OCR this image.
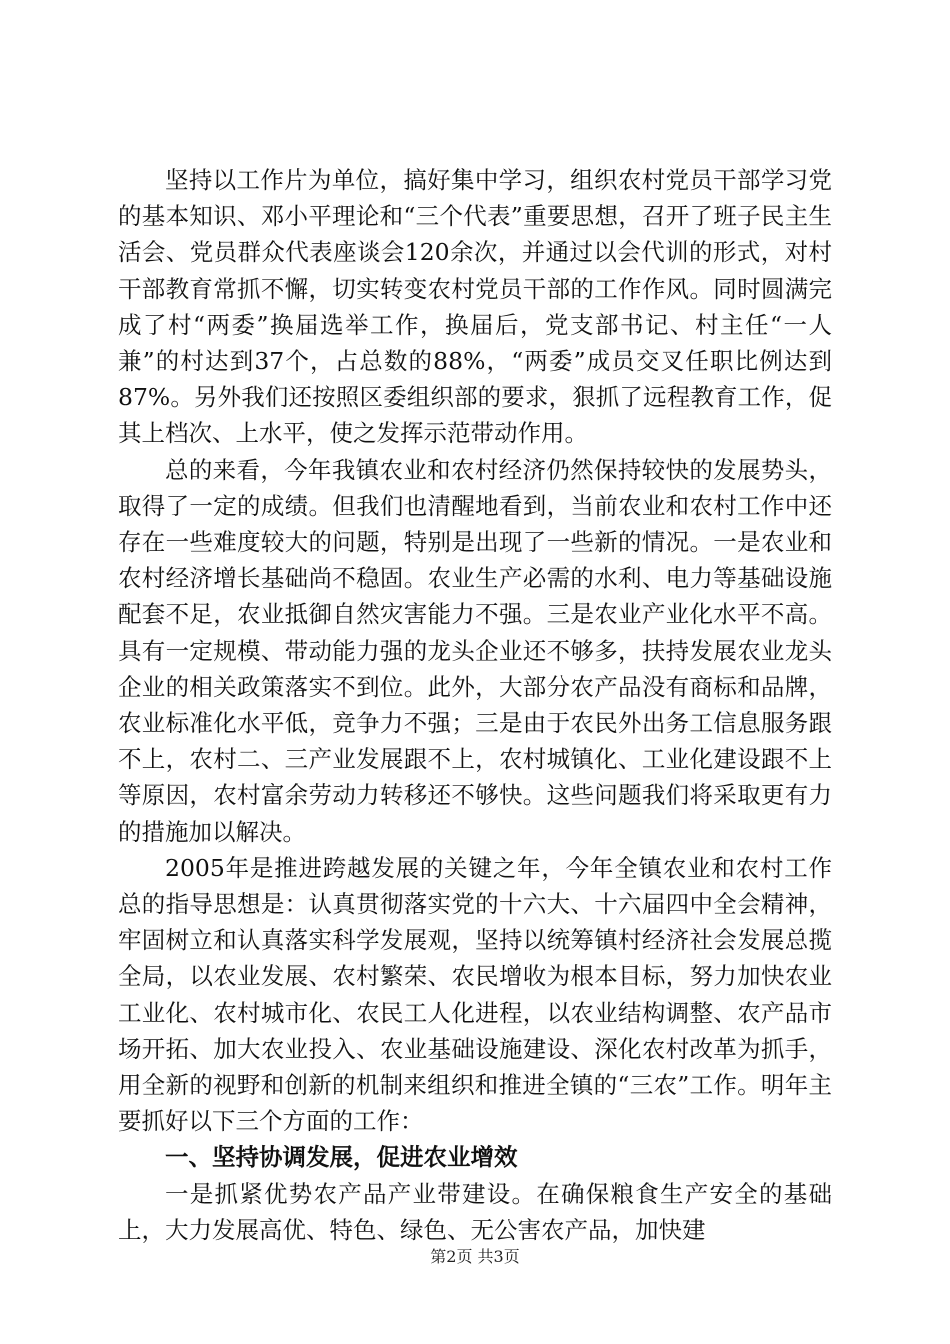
坚持以工作片为单位，搞好集中学习，组织农村党员干部学习党的基本知识、邓小平理论和“三个代表”重要思想，召开了班子民主生活会、党员群众代表座谈会120余次，并通过以会代训的形式，对村干部教育常抓不懈，切实转变农村党员干部的工作作风。同时圆满完成了村“两委”换届选举工作，换届后，党支部书记、村主任“一人兼”的村达到37个，占总数的88%，“两委”成员交叉任职比例达到87%。另外我们还按照区委组织部的要求，狠抓了远程教育工作，促其上档次、上水平，使之发挥示范带动作用。

总的来看，今年我镇农业和农村经济仍然保持较快的发展势头，取得了一定的成绩。但我们也清醒地看到，当前农业和农村工作中还存在一些难度较大的问题，特别是出现了一些新的情况。一是农业和农村经济增长基础尚不稳固。农业生产必需的水利、电力等基础设施配套不足，农业抵御自然灾害能力不强。三是农业产业化水平不高。具有一定规模、带动能力强的龙头企业还不够多，扶持发展农业龙头企业的相关政策落实不到位。此外，大部分农产品没有商标和品牌，农业标准化水平低，竞争力不强；三是由于农民外出务工信息服务跟不上，农村二、三产业发展跟不上，农村城镇化、工业化建设跟不上等原因，农村富余劳动力转移还不够快。这些问题我们将采取更有力的措施加以解决。

2005年是推进跨越发展的关键之年，今年全镇农业和农村工作总的指导思想是：认真贯彻落实党的十六大、十六届四中全会精神，牢固树立和认真落实科学发展观，坚持以统筹镇村经济社会发展总揽全局，以农业发展、农村繁荣、农民增收为根本目标，努力加快农业工业化、农村城市化、农民工人化进程，以农业结构调整、农产品市场开拓、加大农业投入、农业基础设施建设、深化农村改革为抓手，用全新的视野和创新的机制来组织和推进全镇的“三农”工作。明年主要抓好以下三个方面的工作：

一、坚持协调发展，促进农业增效

一是抓紧优势农产品产业带建设。在确保粮食生产安全的基础上，大力发展高优、特色、绿色、无公害农产品，加快建

第2页 共3页
